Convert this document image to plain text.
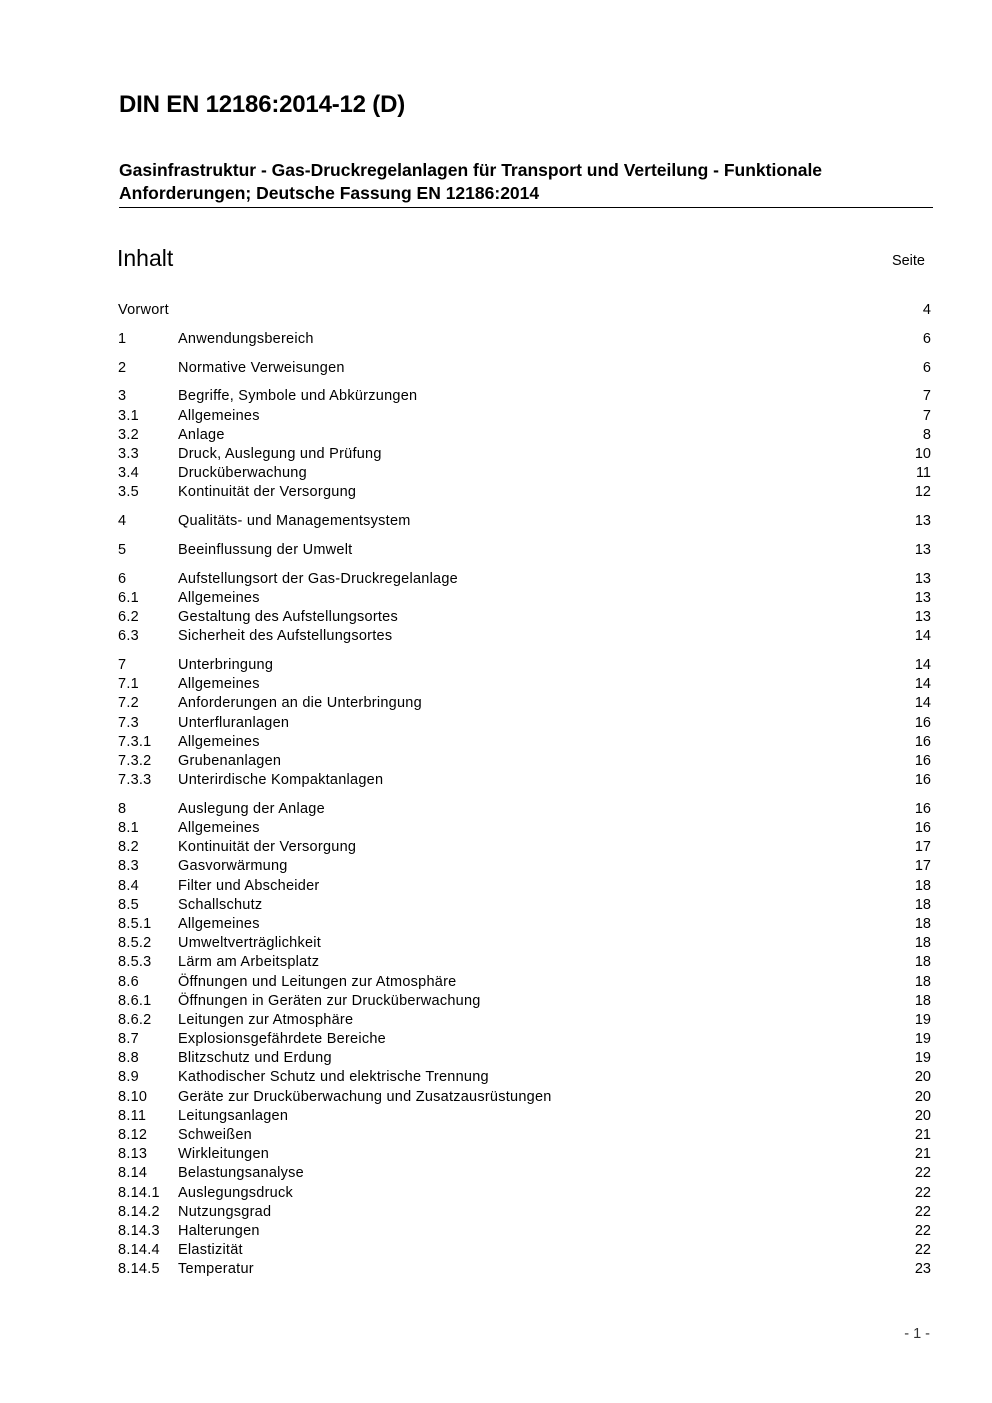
DIN EN 12186:2014-12 (D)
Gasinfrastruktur - Gas-Druckregelanlagen für Transport und Verteilung - Funktionale
Anforderungen; Deutsche Fassung EN 12186:2014
Inhalt	Seite
Vorwort	4
1	Anwendungsbereich	6
2	Normative Verweisungen	6
3	Begriffe, Symbole und Abkürzungen	7
3.1	Allgemeines	7
3.2	Anlage	8
3.3	Druck, Auslegung und Prüfung	10
3.4	Drucküberwachung	11
3.5	Kontinuität der Versorgung	12
4	Qualitäts- und Managementsystem	13
5	Beeinflussung der Umwelt	13
6	Aufstellungsort der Gas-Druckregelanlage	13
6.1	Allgemeines	13
6.2	Gestaltung des Aufstellungsortes	13
6.3	Sicherheit des Aufstellungsortes	14
7	Unterbringung	14
7.1	Allgemeines	14
7.2	Anforderungen an die Unterbringung	14
7.3	Unterfluranlagen	16
7.3.1	Allgemeines	16
7.3.2	Grubenanlagen	16
7.3.3	Unterirdische Kompaktanlagen	16
8	Auslegung der Anlage	16
8.1	Allgemeines	16
8.2	Kontinuität der Versorgung	17
8.3	Gasvorwärmung	17
8.4	Filter und Abscheider	18
8.5	Schallschutz	18
8.5.1	Allgemeines	18
8.5.2	Umweltverträglichkeit	18
8.5.3	Lärm am Arbeitsplatz	18
8.6	Öffnungen und Leitungen zur Atmosphäre	18
8.6.1	Öffnungen in Geräten zur Drucküberwachung	18
8.6.2	Leitungen zur Atmosphäre	19
8.7	Explosionsgefährdete Bereiche	19
8.8	Blitzschutz und Erdung	19
8.9	Kathodischer Schutz und elektrische Trennung	20
8.10	Geräte zur Drucküberwachung und Zusatzausrüstungen	20
8.11	Leitungsanlagen	20
8.12	Schweißen	21
8.13	Wirkleitungen	21
8.14	Belastungsanalyse	22
8.14.1	Auslegungsdruck	22
8.14.2	Nutzungsgrad	22
8.14.3	Halterungen	22
8.14.4	Elastizität	22
8.14.5	Temperatur	23
- 1 -
